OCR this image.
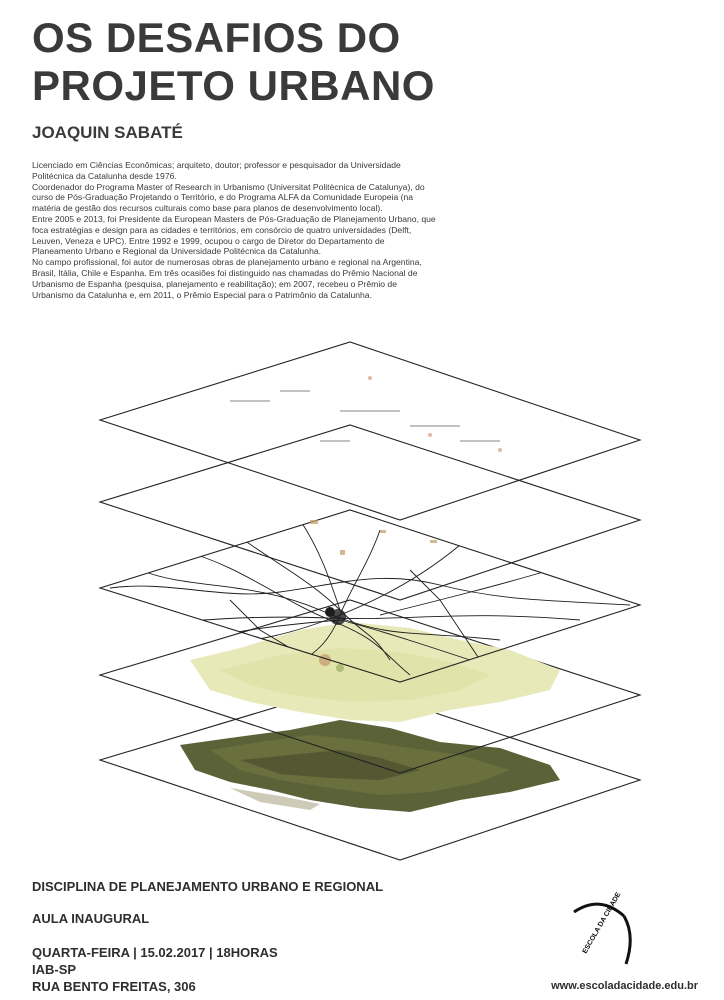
OS DESAFIOS DO
PROJETO URBANO
JOAQUIN SABATÉ

Licenciado em Ciências Econômicas; arquiteto, doutor; professor e pesquisador da Universidade Politécnica da Catalunha desde 1976.

Coordenador do Programa Master of Research in Urbanismo (Universitat Politècnica de Catalunya), do curso de Pós-Graduação Projetando o Território, e do Programa ALFA da Comunidade Europeia (na matéria de gestão dos recursos culturais como base para planos de desenvolvimento local).

Entre 2005 e 2013, foi Presidente da European Masters de Pós-Graduação de Planejamento Urbano, que foca estratégias e design para as cidades e territórios, em consórcio de quatro universidades (Delft, Leuven, Veneza e UPC). Entre 1992 e 1999, ocupou o cargo de Diretor do Departamento de Planeamento Urbano e Regional da Universidade Politécnica da Catalunha.

No campo profissional, foi autor de numerosas obras de planejamento urbano e regional na Argentina, Brasil, Itália, Chile e Espanha. Em três ocasiões foi distinguido nas chamadas do Prêmio Nacional de Urbanismo de Espanha (pesquisa, planejamento e reabilitação); em 2007, recebeu o Prêmio de Urbanismo da Catalunha e, em 2011, o Prêmio Especial para o Patrimônio da Catalunha.

DISCIPLINA DE PLANEJAMENTO URBANO E REGIONAL

AULA INAUGURAL

QUARTA-FEIRA | 15.02.2017 | 18HORAS

IAB-SP

RUA BENTO FREITAS, 306

ESCOLA DA CIDADE
www.escoladacidade.edu.br
